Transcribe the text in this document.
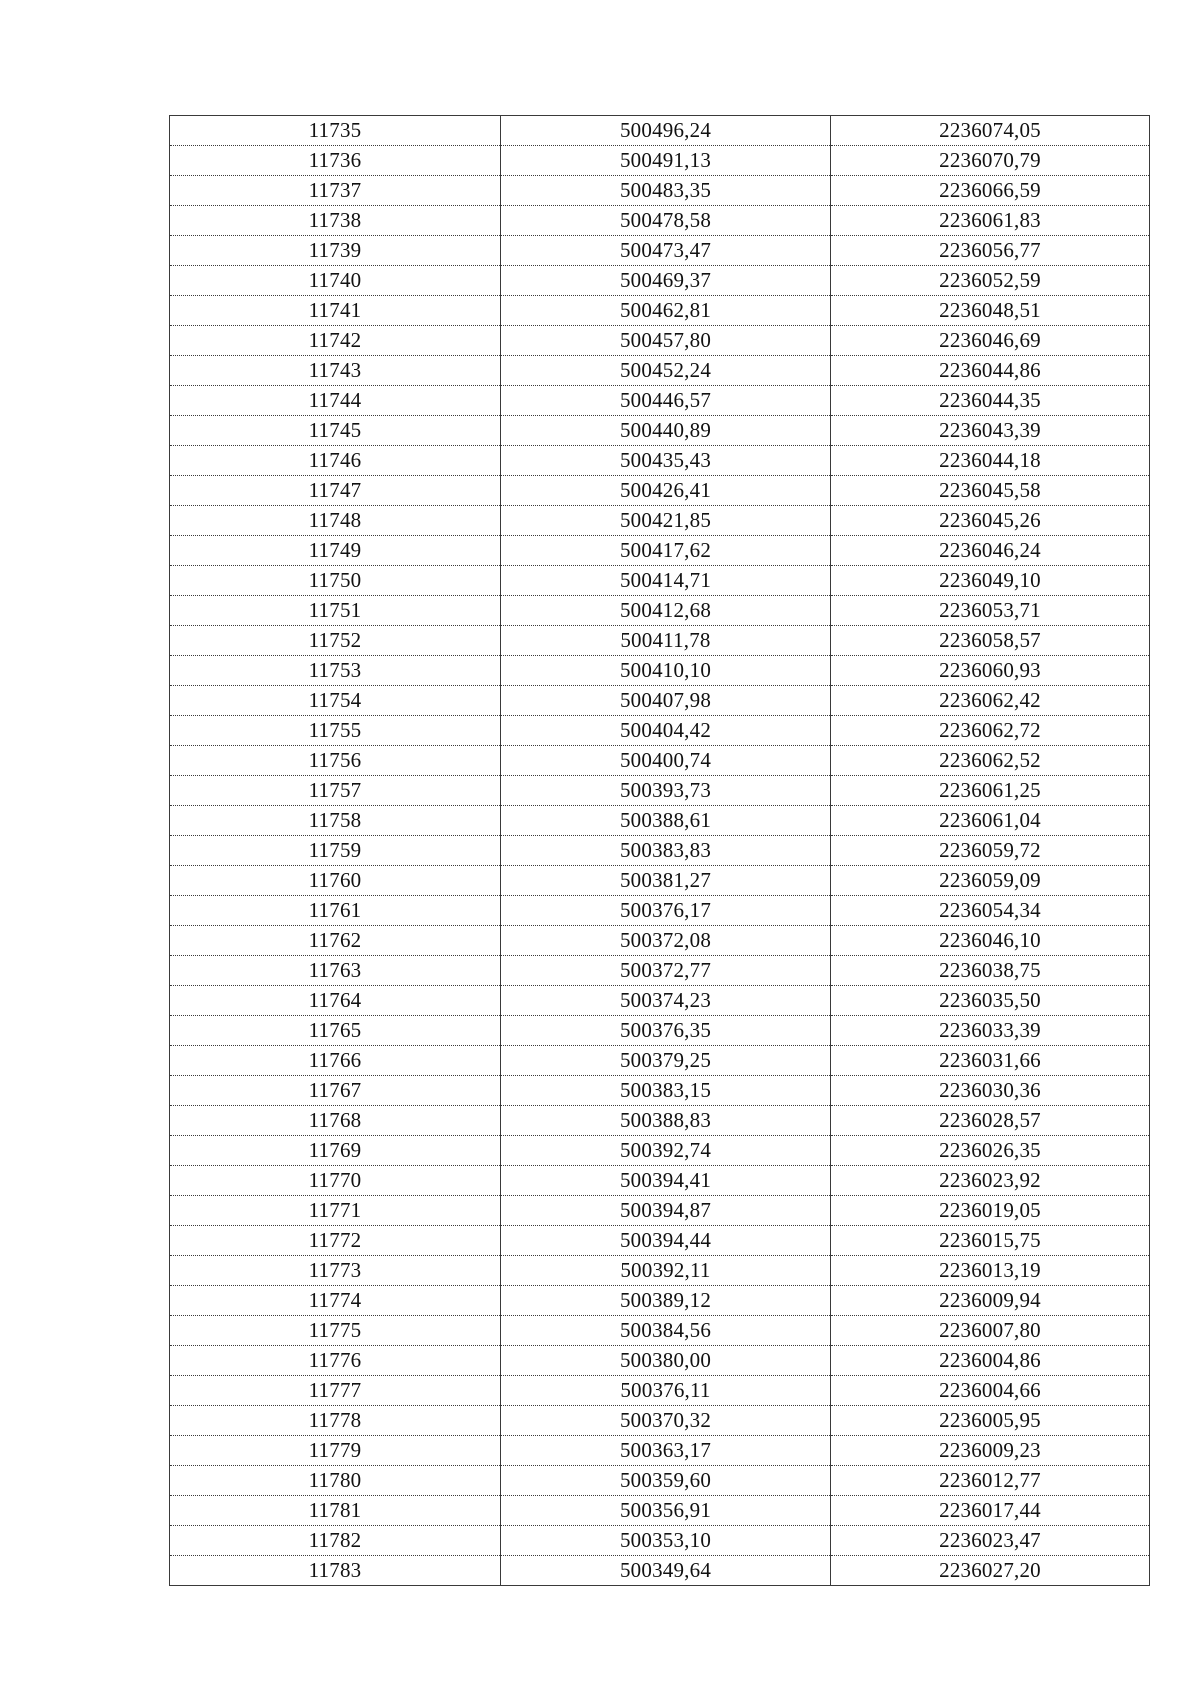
11735	500496,24	2236074,05
11736	500491,13	2236070,79
11737	500483,35	2236066,59
11738	500478,58	2236061,83
11739	500473,47	2236056,77
11740	500469,37	2236052,59
11741	500462,81	2236048,51
11742	500457,80	2236046,69
11743	500452,24	2236044,86
11744	500446,57	2236044,35
11745	500440,89	2236043,39
11746	500435,43	2236044,18
11747	500426,41	2236045,58
11748	500421,85	2236045,26
11749	500417,62	2236046,24
11750	500414,71	2236049,10
11751	500412,68	2236053,71
11752	500411,78	2236058,57
11753	500410,10	2236060,93
11754	500407,98	2236062,42
11755	500404,42	2236062,72
11756	500400,74	2236062,52
11757	500393,73	2236061,25
11758	500388,61	2236061,04
11759	500383,83	2236059,72
11760	500381,27	2236059,09
11761	500376,17	2236054,34
11762	500372,08	2236046,10
11763	500372,77	2236038,75
11764	500374,23	2236035,50
11765	500376,35	2236033,39
11766	500379,25	2236031,66
11767	500383,15	2236030,36
11768	500388,83	2236028,57
11769	500392,74	2236026,35
11770	500394,41	2236023,92
11771	500394,87	2236019,05
11772	500394,44	2236015,75
11773	500392,11	2236013,19
11774	500389,12	2236009,94
11775	500384,56	2236007,80
11776	500380,00	2236004,86
11777	500376,11	2236004,66
11778	500370,32	2236005,95
11779	500363,17	2236009,23
11780	500359,60	2236012,77
11781	500356,91	2236017,44
11782	500353,10	2236023,47
11783	500349,64	2236027,20
